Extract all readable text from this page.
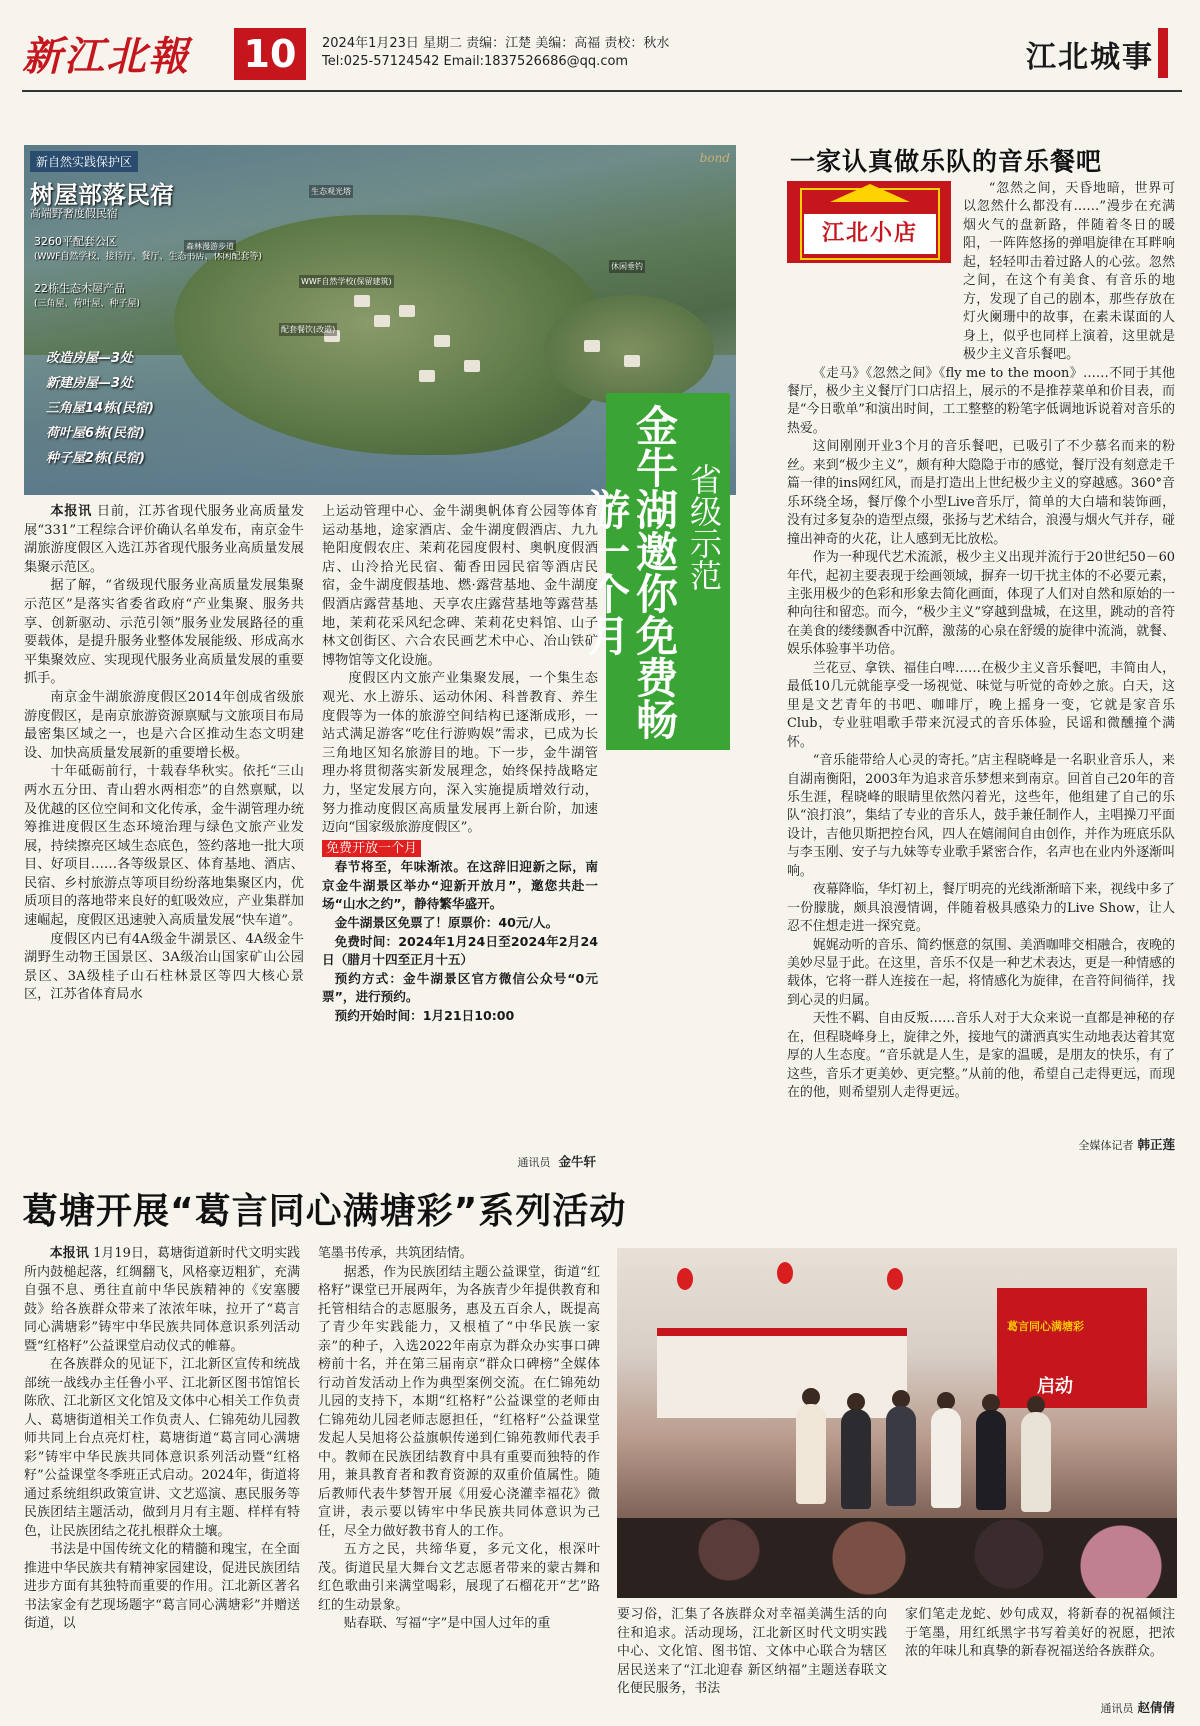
新江北報	10	2024年1月23日 星期二 责编：江楚 美编：高福 责校：秋水
Tel:025-57124542 Email:1837526686@qq.com	江北城事
新自然实践保护区
树屋部落民宿
高端野奢度假民宿
bond
3260平配套公区
(WWF自然学校、接待厅、餐厅、生态书店、休闲配套等)
22栋生态木屋产品
(三角屋、荷叶屋、种子屋)
改造房屋—3处
新建房屋—3处
三角屋14栋(民宿)
荷叶屋6栋(民宿)
种子屋2栋(民宿)
生态观光塔
森林漫游步道
WWF自然学校(保留建筑)
配套餐饮(改造)
休闲垂钓
金牛湖邀你免费畅游一个月	省级示范

本报讯 日前，江苏省现代服务业高质量发展“331”工程综合评价确认名单发布，南京金牛湖旅游度假区入选江苏省现代服务业高质量发展集聚示范区。

据了解，“省级现代服务业高质量发展集聚示范区”是落实省委省政府“产业集聚、服务共享、创新驱动、示范引领”服务业发展路径的重要载体，是提升服务业整体发展能级、形成高水平集聚效应、实现现代服务业高质量发展的重要抓手。

南京金牛湖旅游度假区2014年创成省级旅游度假区，是南京旅游资源禀赋与文旅项目布局最密集区域之一，也是六合区推动生态文明建设、加快高质量发展新的重要增长极。

十年砥砺前行，十载春华秋实。依托“三山两水五分田、青山碧水两相恋”的自然禀赋，以及优越的区位空间和文化传承，金牛湖管理办统筹推进度假区生态环境治理与绿色文旅产业发展，持续擦亮区域生态底色，签约落地一批大项目、好项目……各等级景区、体育基地、酒店、民宿、乡村旅游点等项目纷纷落地集聚区内，优质项目的落地带来良好的虹吸效应，产业集群加速崛起，度假区迅速驶入高质量发展“快车道”。

度假区内已有4A级金牛湖景区、4A级金牛湖野生动物王国景区、3A级冶山国家矿山公园景区、3A级桂子山石柱林景区等四大核心景区，江苏省体育局水

上运动管理中心、金牛湖奥帆体育公园等体育运动基地，途家酒店、金牛湖度假酒店、九九艳阳度假农庄、茉莉花园度假村、奥帆度假酒店、山泠拾光民宿、葡香田园民宿等酒店民宿，金牛湖度假基地、燃·露营基地、金牛湖度假酒店露营基地、天享农庄露营基地等露营基地，茉莉花采风纪念碑、茉莉花史料馆、山子林文创街区、六合农民画艺术中心、冶山铁矿博物馆等文化设施。

度假区内文旅产业集聚发展，一个集生态观光、水上游乐、运动休闲、科普教育、养生度假等为一体的旅游空间结构已逐渐成形，一站式满足游客“吃住行游购娱”需求，已成为长三角地区知名旅游目的地。下一步，金牛湖管理办将贯彻落实新发展理念，始终保持战略定力，坚定发展方向，深入实施提质增效行动，努力推动度假区高质量发展再上新台阶，加速迈向“国家级旅游度假区”。

免费开放一个月

春节将至，年味渐浓。在这辞旧迎新之际，南京金牛湖景区举办“迎新开放月”，邀您共赴一场“山水之约”，静待繁华盛开。

金牛湖景区免票了！原票价：40元/人。

免费时间：2024年1月24日至2024年2月24日（腊月十四至正月十五）

预约方式：金牛湖景区官方微信公众号“0元票”，进行预约。

预约开始时间：1月21日10:00

通讯员 金牛轩
一家认真做乐队的音乐餐吧
江北小店

“忽然之间，天昏地暗，世界可以忽然什么都没有……”漫步在充满烟火气的盘新路，伴随着冬日的暖阳，一阵阵悠扬的弹唱旋律在耳畔响起，轻轻叩击着过路人的心弦。忽然之间，在这个有美食、有音乐的地方，发现了自己的剧本，那些存放在灯火阑珊中的故事，在素未谋面的人身上，似乎也同样上演着，这里就是极少主义音乐餐吧。

《走马》《忽然之间》《fly me to the moon》……不同于其他餐厅，极少主义餐厅门口店招上，展示的不是推荐菜单和价目表，而是“今日歌单”和演出时间，工工整整的粉笔字低调地诉说着对音乐的热爱。

这间刚刚开业3个月的音乐餐吧，已吸引了不少慕名而来的粉丝。来到“极少主义”，颇有种大隐隐于市的感觉，餐厅没有刻意走千篇一律的ins网红风，而是打造出上世纪极少主义的穿越感。360°音乐环绕全场，餐厅像个小型Live音乐厅，简单的大白墙和装饰画，没有过多复杂的造型点缀，张扬与艺术结合，浪漫与烟火气并存，碰撞出神奇的火花，让人感到无比放松。

作为一种现代艺术流派，极少主义出现并流行于20世纪50－60年代，起初主要表现于绘画领域，摒弃一切干扰主体的不必要元素，主张用极少的色彩和形象去简化画面，体现了人们对自然和原始的一种向往和留恋。而今，“极少主义”穿越到盘城，在这里，跳动的音符在美食的缕缕飘香中沉醉，激荡的心泉在舒缓的旋律中流淌，就餐、娱乐体验事半功倍。

兰花豆、拿铁、福佳白啤……在极少主义音乐餐吧，丰简由人，最低10几元就能享受一场视觉、味觉与听觉的奇妙之旅。白天，这里是文艺青年的书吧、咖啡厅，晚上摇身一变，它就是家音乐Club，专业驻唱歌手带来沉浸式的音乐体验，民谣和微醺撞个满怀。

“音乐能带给人心灵的寄托。”店主程晓峰是一名职业音乐人，来自湖南衡阳，2003年为追求音乐梦想来到南京。回首自己20年的音乐生涯，程晓峰的眼睛里依然闪着光，这些年，他组建了自己的乐队“浪打浪”，集结了专业的音乐人，鼓手兼任制作人，主唱操刀平面设计，吉他贝斯把控台风，四人在嬉闹间自由创作，并作为班底乐队与李玉刚、安子与九妹等专业歌手紧密合作，名声也在业内外逐渐叫响。

夜幕降临，华灯初上，餐厅明亮的光线渐渐暗下来，视线中多了一份朦胧，颇具浪漫情调，伴随着极具感染力的Live Show，让人忍不住想走进一探究竟。

娓娓动听的音乐、简约惬意的氛围、美酒咖啡交相融合，夜晚的美妙尽显于此。在这里，音乐不仅是一种艺术表达，更是一种情感的载体，它将一群人连接在一起，将情感化为旋律，在音符间徜徉，找到心灵的归属。

天性不羁、自由反叛……音乐人对于大众来说一直都是神秘的存在，但程晓峰身上，旋律之外，接地气的潇洒真实生动地表达着其宽厚的人生态度。“音乐就是人生，是家的温暖，是朋友的快乐，有了这些，音乐才更美妙、更完整。”从前的他，希望自己走得更远，而现在的他，则希望别人走得更远。

全媒体记者 韩正莲
葛塘开展“葛言同心满塘彩”系列活动

本报讯 1月19日，葛塘街道新时代文明实践所内鼓槌起落，红绸翻飞，风格豪迈粗犷，充满自强不息、勇往直前中华民族精神的《安塞腰鼓》给各族群众带来了浓浓年味，拉开了“葛言同心满塘彩”铸牢中华民族共同体意识系列活动暨“红格籽”公益课堂启动仪式的帷幕。

在各族群众的见证下，江北新区宣传和统战部统一战线办主任鲁小平、江北新区图书馆馆长陈欣、江北新区文化馆及文体中心相关工作负责人、葛塘街道相关工作负责人、仁锦苑幼儿园教师共同上台点亮灯柱，葛塘街道“葛言同心满塘彩”铸牢中华民族共同体意识系列活动暨“红格籽”公益课堂冬季班正式启动。2024年，街道将通过系统组织政策宣讲、文艺巡演、惠民服务等民族团结主题活动，做到月月有主题、样样有特色，让民族团结之花扎根群众土壤。

书法是中国传统文化的精髓和瑰宝，在全面推进中华民族共有精神家园建设，促进民族团结进步方面有其独特而重要的作用。江北新区著名书法家金有艺现场题字“葛言同心满塘彩”并赠送街道，以

笔墨书传承，共筑团结情。

据悉，作为民族团结主题公益课堂，街道“红格籽”课堂已开展两年，为各族青少年提供教育和托管相结合的志愿服务，惠及五百余人，既提高了青少年实践能力，又根植了“中华民族一家亲”的种子，入选2022年南京为群众办实事口碑榜前十名，并在第三届南京“群众口碑榜”全媒体行动首发活动上作为典型案例交流。在仁锦苑幼儿园的支持下，本期“红格籽”公益课堂的老师由仁锦苑幼儿园老师志愿担任，“红格籽”公益课堂发起人吴旭将公益旗帜传递到仁锦苑教师代表手中。教师在民族团结教育中具有重要而独特的作用，兼具教育者和教育资源的双重价值属性。随后教师代表牛梦智开展《用爱心浇灌幸福花》微宣讲，表示要以铸牢中华民族共同体意识为己任，尽全力做好教书育人的工作。

五方之民，共缔华夏，多元文化，根深叶茂。街道民星大舞台文艺志愿者带来的蒙古舞和红色歌曲引来满堂喝彩，展现了石榴花开“艺”路红的生动景象。

贴春联、写福“字”是中国人过年的重

葛言同心满塘彩
启动

要习俗，汇集了各族群众对幸福美满生活的向往和追求。活动现场，江北新区时代文明实践中心、文化馆、图书馆、文体中心联合为辖区居民送来了“江北迎春 新区纳福”主题送春联文化便民服务，书法

家们笔走龙蛇、妙句成双，将新春的祝福倾注于笔墨，用红纸黑字书写着美好的祝愿，把浓浓的年味儿和真挚的新春祝福送给各族群众。

通讯员 赵倩倩
